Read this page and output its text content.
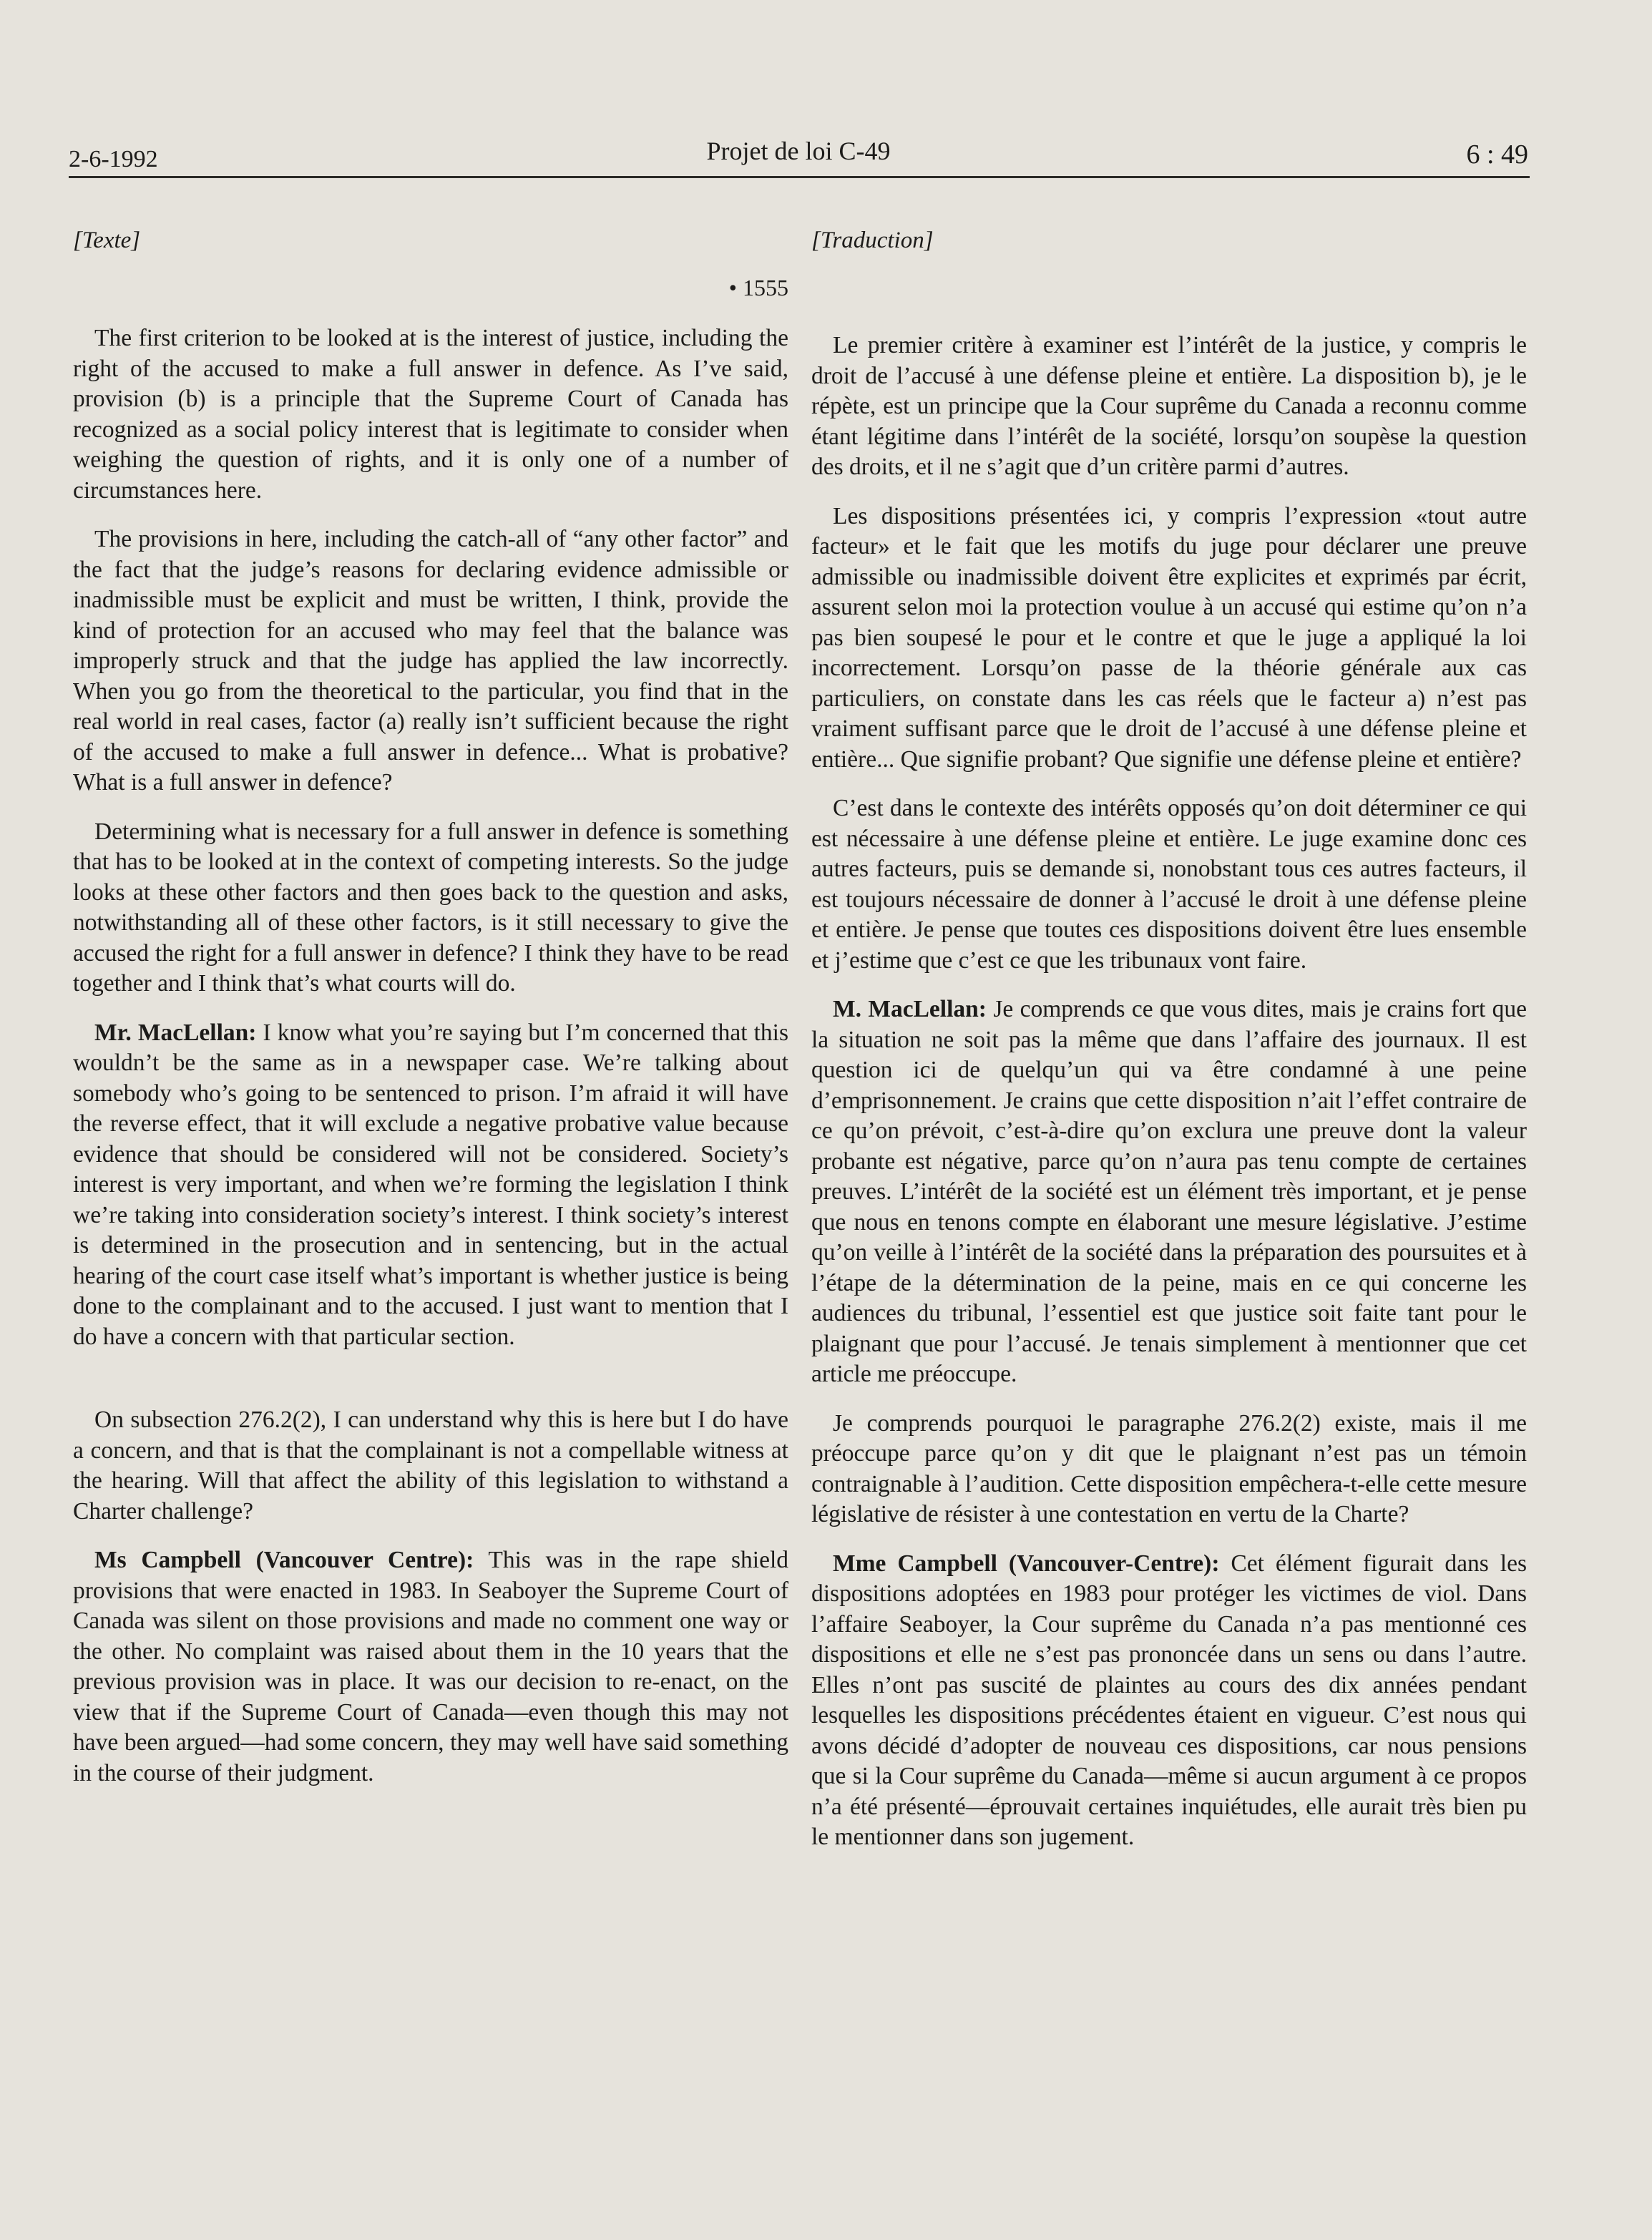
2-6-1992	Projet de loi C-49	6 : 49
[Texte]
• 1555

The first criterion to be looked at is the interest of justice, including the right of the accused to make a full answer in defence. As I’ve said, provision (b) is a principle that the Supreme Court of Canada has recognized as a social policy interest that is legitimate to consider when weighing the question of rights, and it is only one of a number of circumstances here.

The provisions in here, including the catch-all of “any other factor” and the fact that the judge’s reasons for declaring evidence admissible or inadmissible must be explicit and must be written, I think, provide the kind of protection for an accused who may feel that the balance was improperly struck and that the judge has applied the law incorrectly. When you go from the theoretical to the particular, you find that in the real world in real cases, factor (a) really isn’t sufficient because the right of the accused to make a full answer in defence... What is probative? What is a full answer in defence?

Determining what is necessary for a full answer in defence is something that has to be looked at in the context of competing interests. So the judge looks at these other factors and then goes back to the question and asks, notwithstanding all of these other factors, is it still necessary to give the accused the right for a full answer in defence? I think they have to be read together and I think that’s what courts will do.

Mr. MacLellan: I know what you’re saying but I’m concerned that this wouldn’t be the same as in a newspaper case. We’re talking about somebody who’s going to be sentenced to prison. I’m afraid it will have the reverse effect, that it will exclude a negative probative value because evidence that should be considered will not be considered. Society’s interest is very important, and when we’re forming the legislation I think we’re taking into consideration society’s interest. I think society’s interest is determined in the prosecution and in sentencing, but in the actual hearing of the court case itself what’s important is whether justice is being done to the complainant and to the accused. I just want to mention that I do have a concern with that particular section.

On subsection 276.2(2), I can understand why this is here but I do have a concern, and that is that the complainant is not a compellable witness at the hearing. Will that affect the ability of this legislation to withstand a Charter challenge?

Ms Campbell (Vancouver Centre): This was in the rape shield provisions that were enacted in 1983. In Seaboyer the Supreme Court of Canada was silent on those provisions and made no comment one way or the other. No complaint was raised about them in the 10 years that the previous provision was in place. It was our decision to re-enact, on the view that if the Supreme Court of Canada—even though this may not have been argued—had some concern, they may well have said something in the course of their judgment.

[Traduction]

Le premier critère à examiner est l’intérêt de la justice, y compris le droit de l’accusé à une défense pleine et entière. La disposition b), je le répète, est un principe que la Cour suprême du Canada a reconnu comme étant légitime dans l’intérêt de la société, lorsqu’on soupèse la question des droits, et il ne s’agit que d’un critère parmi d’autres.

Les dispositions présentées ici, y compris l’expression «tout autre facteur» et le fait que les motifs du juge pour déclarer une preuve admissible ou inadmissible doivent être explicites et exprimés par écrit, assurent selon moi la protection voulue à un accusé qui estime qu’on n’a pas bien soupesé le pour et le contre et que le juge a appliqué la loi incorrectement. Lorsqu’on passe de la théorie générale aux cas particuliers, on constate dans les cas réels que le facteur a) n’est pas vraiment suffisant parce que le droit de l’accusé à une défense pleine et entière... Que signifie probant? Que signifie une défense pleine et entière?

C’est dans le contexte des intérêts opposés qu’on doit déterminer ce qui est nécessaire à une défense pleine et entière. Le juge examine donc ces autres facteurs, puis se demande si, nonobstant tous ces autres facteurs, il est toujours nécessaire de donner à l’accusé le droit à une défense pleine et entière. Je pense que toutes ces dispositions doivent être lues ensemble et j’estime que c’est ce que les tribunaux vont faire.

M. MacLellan: Je comprends ce que vous dites, mais je crains fort que la situation ne soit pas la même que dans l’affaire des journaux. Il est question ici de quelqu’un qui va être condamné à une peine d’emprisonnement. Je crains que cette disposition n’ait l’effet contraire de ce qu’on prévoit, c’est-à-dire qu’on exclura une preuve dont la valeur probante est négative, parce qu’on n’aura pas tenu compte de certaines preuves. L’intérêt de la société est un élément très important, et je pense que nous en tenons compte en élaborant une mesure législative. J’estime qu’on veille à l’intérêt de la société dans la préparation des poursuites et à l’étape de la détermination de la peine, mais en ce qui concerne les audiences du tribunal, l’essentiel est que justice soit faite tant pour le plaignant que pour l’accusé. Je tenais simplement à mentionner que cet article me préoccupe.

Je comprends pourquoi le paragraphe 276.2(2) existe, mais il me préoccupe parce qu’on y dit que le plaignant n’est pas un témoin contraignable à l’audition. Cette disposition empêchera-t-elle cette mesure législative de résister à une contestation en vertu de la Charte?

Mme Campbell (Vancouver-Centre): Cet élément figurait dans les dispositions adoptées en 1983 pour protéger les victimes de viol. Dans l’affaire Seaboyer, la Cour suprême du Canada n’a pas mentionné ces dispositions et elle ne s’est pas prononcée dans un sens ou dans l’autre. Elles n’ont pas suscité de plaintes au cours des dix années pendant lesquelles les dispositions précédentes étaient en vigueur. C’est nous qui avons décidé d’adopter de nouveau ces dispositions, car nous pensions que si la Cour suprême du Canada—même si aucun argument à ce propos n’a été présenté—éprouvait certaines inquiétudes, elle aurait très bien pu le mentionner dans son jugement.
